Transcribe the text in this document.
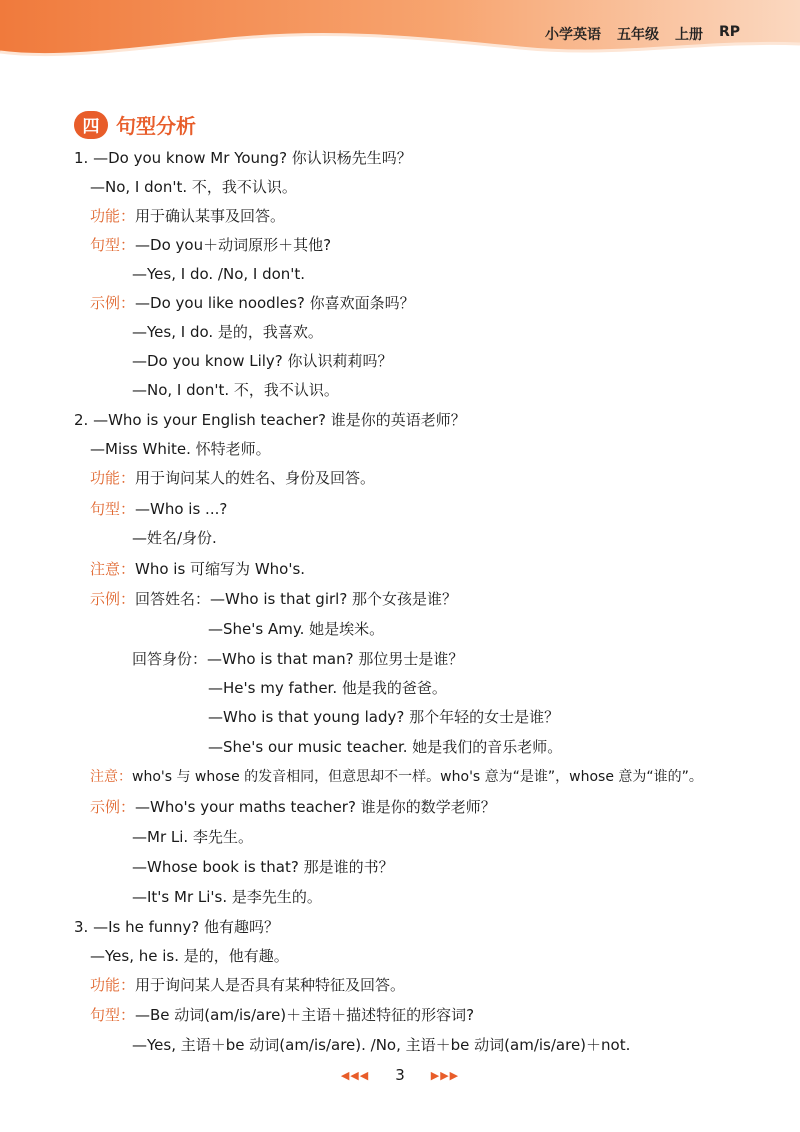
小学英语 五年级 上册 RP
四 句型分析
1. —Do you know Mr Young? 你认识杨先生吗？
—No, I don't. 不，我不认识。
功能：用于确认某事及回答。
句型：—Do you＋动词原形＋其他?
—Yes, I do. /No, I don't.
示例：—Do you like noodles? 你喜欢面条吗？
—Yes, I do. 是的，我喜欢。
—Do you know Lily? 你认识莉莉吗？
—No, I don't. 不，我不认识。
2. —Who is your English teacher? 谁是你的英语老师？
—Miss White. 怀特老师。
功能：用于询问某人的姓名、身份及回答。
句型：—Who is ...?
—姓名/身份.
注意：Who is 可缩写为 Who's.
示例：回答姓名：—Who is that girl? 那个女孩是谁？
—She's Amy. 她是埃米。
回答身份：—Who is that man? 那位男士是谁？
—He's my father. 他是我的爸爸。
—Who is that young lady? 那个年轻的女士是谁？
—She's our music teacher. 她是我们的音乐老师。
注意：who's 与 whose 的发音相同，但意思却不一样。who's 意为“是谁”，whose 意为“谁的”。
示例：—Who's your maths teacher? 谁是你的数学老师？
—Mr Li. 李先生。
—Whose book is that? 那是谁的书？
—It's Mr Li's. 是李先生的。
3. —Is he funny? 他有趣吗？
—Yes, he is. 是的，他有趣。
功能：用于询问某人是否具有某种特征及回答。
句型：—Be 动词(am/is/are)＋主语＋描述特征的形容词?
—Yes, 主语＋be 动词(am/is/are). /No, 主语＋be 动词(am/is/are)＋not.
◀◀◀ 3 ▶▶▶
